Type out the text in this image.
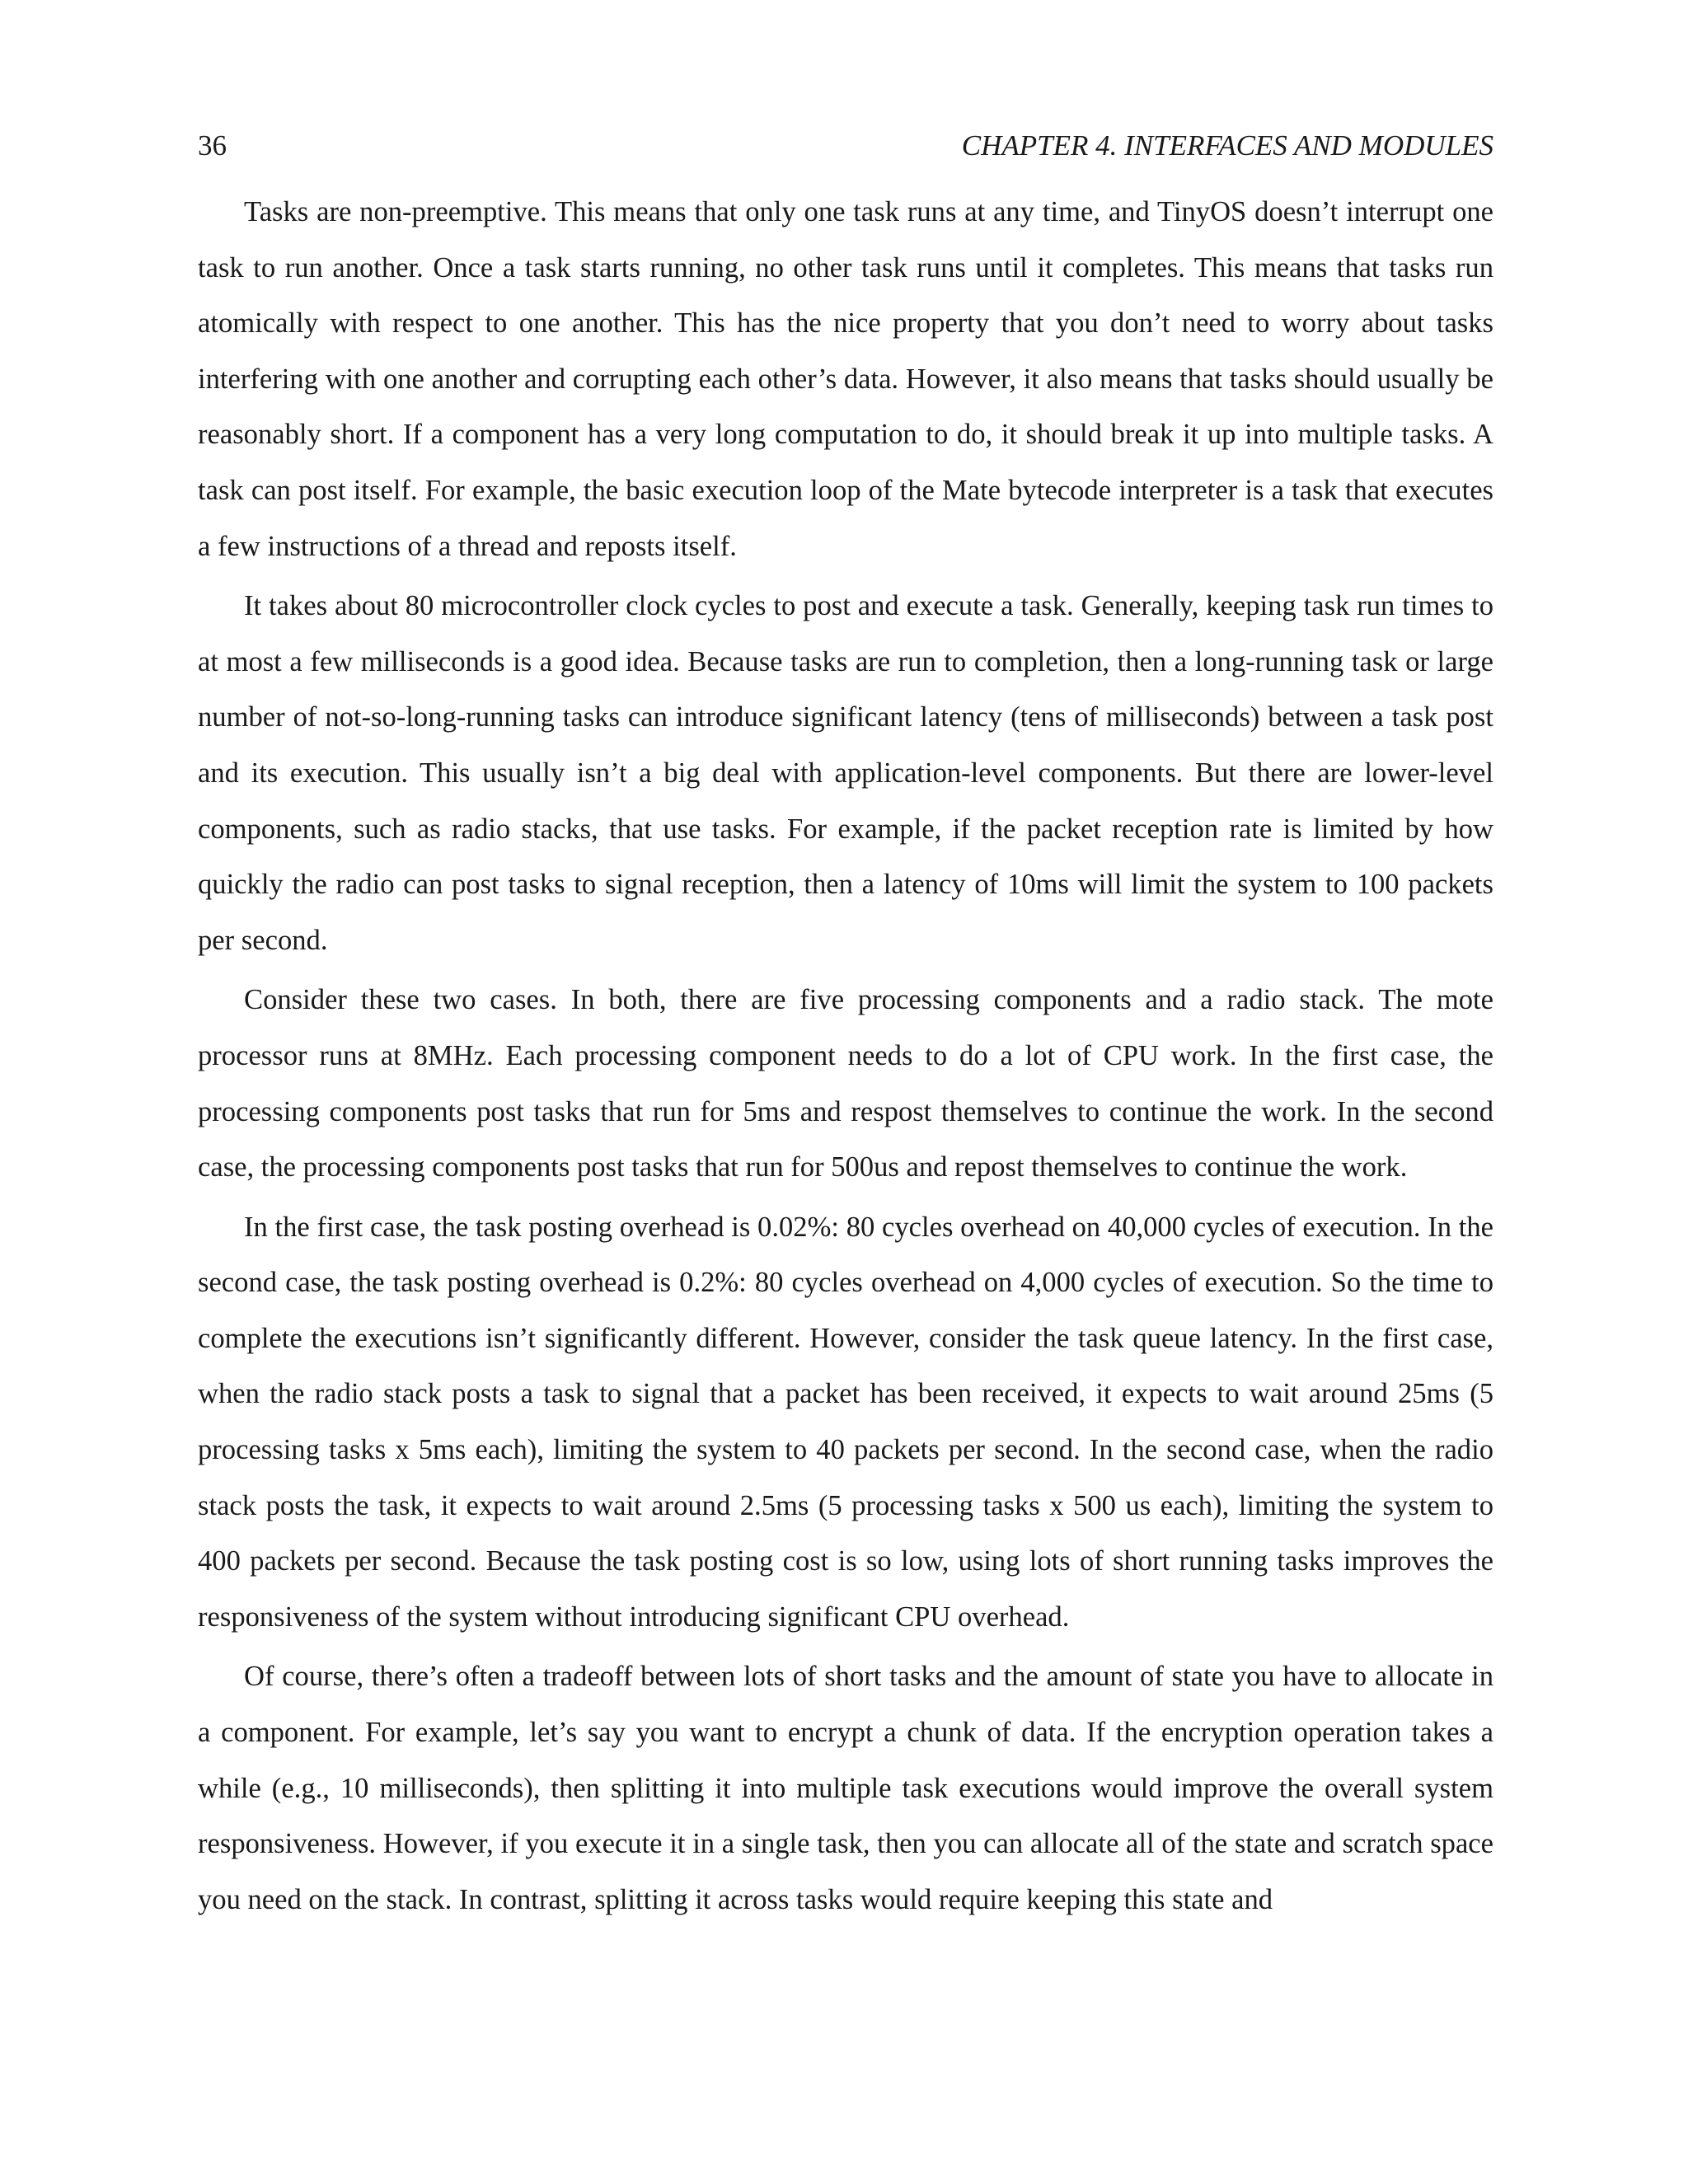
36	CHAPTER 4. INTERFACES AND MODULES

Tasks are non-preemptive. This means that only one task runs at any time, and TinyOS doesn’t interrupt one task to run another. Once a task starts running, no other task runs until it completes. This means that tasks run atomically with respect to one another. This has the nice property that you don’t need to worry about tasks interfering with one another and corrupting each other’s data. However, it also means that tasks should usually be reasonably short. If a component has a very long computation to do, it should break it up into multiple tasks. A task can post itself. For example, the basic execution loop of the Mate bytecode interpreter is a task that executes a few instructions of a thread and reposts itself.

It takes about 80 microcontroller clock cycles to post and execute a task. Generally, keeping task run times to at most a few milliseconds is a good idea. Because tasks are run to completion, then a long-running task or large number of not-so-long-running tasks can introduce significant latency (tens of milliseconds) between a task post and its execution. This usually isn’t a big deal with application-level components. But there are lower-level components, such as radio stacks, that use tasks. For example, if the packet reception rate is limited by how quickly the radio can post tasks to signal reception, then a latency of 10ms will limit the system to 100 packets per second.

Consider these two cases. In both, there are five processing components and a radio stack. The mote processor runs at 8MHz. Each processing component needs to do a lot of CPU work. In the first case, the processing components post tasks that run for 5ms and respost themselves to continue the work. In the second case, the processing components post tasks that run for 500us and repost themselves to continue the work.

In the first case, the task posting overhead is 0.02%: 80 cycles overhead on 40,000 cycles of execution. In the second case, the task posting overhead is 0.2%: 80 cycles overhead on 4,000 cycles of execution. So the time to complete the executions isn’t significantly different. However, consider the task queue latency. In the first case, when the radio stack posts a task to signal that a packet has been received, it expects to wait around 25ms (5 processing tasks x 5ms each), limiting the system to 40 packets per second. In the second case, when the radio stack posts the task, it expects to wait around 2.5ms (5 processing tasks x 500 us each), limiting the system to 400 packets per second. Because the task posting cost is so low, using lots of short running tasks improves the responsiveness of the system without introducing significant CPU overhead.

Of course, there’s often a tradeoff between lots of short tasks and the amount of state you have to allocate in a component. For example, let’s say you want to encrypt a chunk of data. If the encryption operation takes a while (e.g., 10 milliseconds), then splitting it into multiple task executions would improve the overall system responsiveness. However, if you execute it in a single task, then you can allocate all of the state and scratch space you need on the stack. In contrast, splitting it across tasks would require keeping this state and
